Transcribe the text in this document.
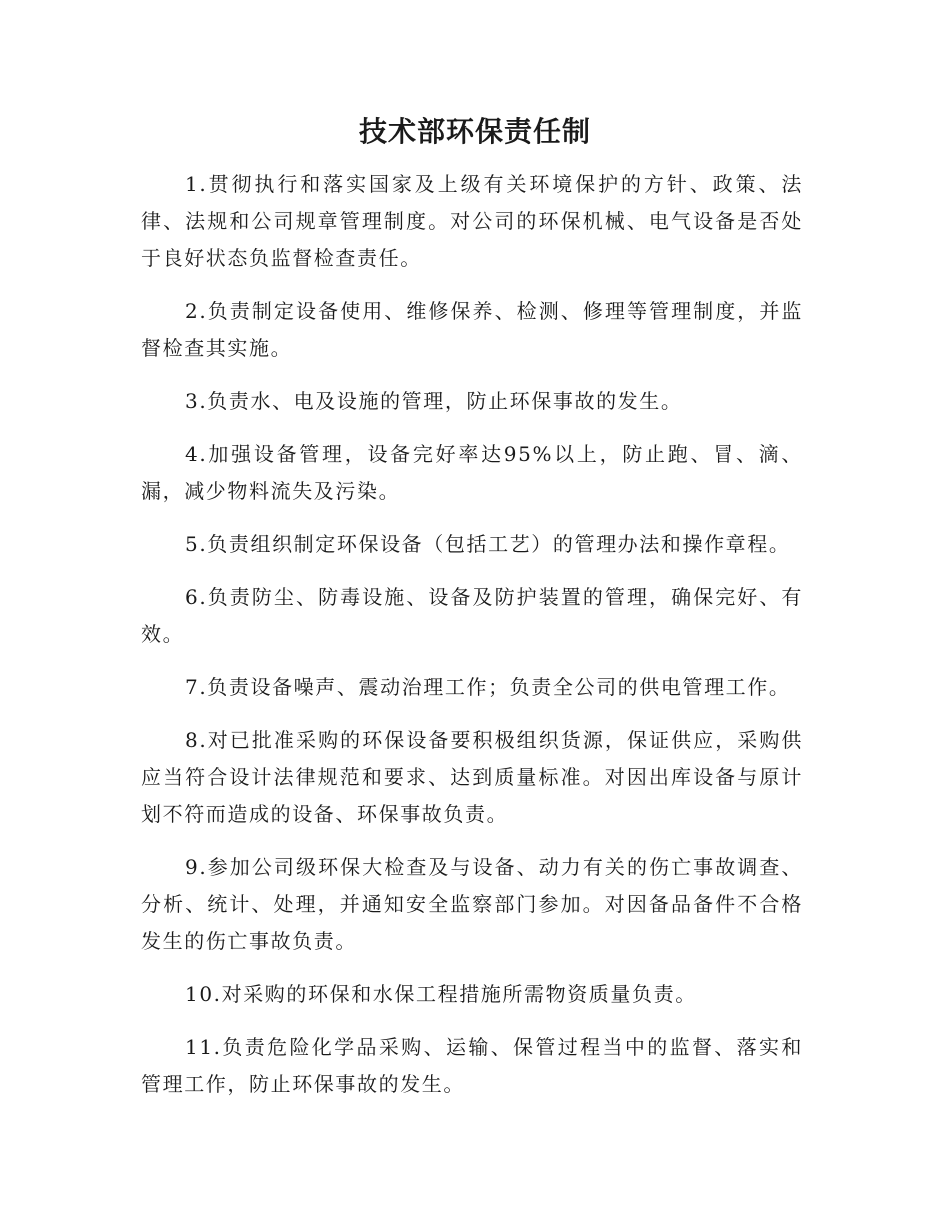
技术部环保责任制

1.贯彻执行和落实国家及上级有关环境保护的方针、政策、法律、法规和公司规章管理制度。对公司的环保机械、电气设备是否处于良好状态负监督检查责任。

2.负责制定设备使用、维修保养、检测、修理等管理制度，并监督检查其实施。

3.负责水、电及设施的管理，防止环保事故的发生。

4.加强设备管理，设备完好率达95%以上，防止跑、冒、滴、漏，减少物料流失及污染。

5.负责组织制定环保设备（包括工艺）的管理办法和操作章程。

6.负责防尘、防毒设施、设备及防护装置的管理，确保完好、有效。

7.负责设备噪声、震动治理工作；负责全公司的供电管理工作。

8.对已批准采购的环保设备要积极组织货源，保证供应，采购供应当符合设计法律规范和要求、达到质量标准。对因出库设备与原计划不符而造成的设备、环保事故负责。

9.参加公司级环保大检查及与设备、动力有关的伤亡事故调查、分析、统计、处理，并通知安全监察部门参加。对因备品备件不合格发生的伤亡事故负责。

10.对采购的环保和水保工程措施所需物资质量负责。

11.负责危险化学品采购、运输、保管过程当中的监督、落实和管理工作，防止环保事故的发生。
